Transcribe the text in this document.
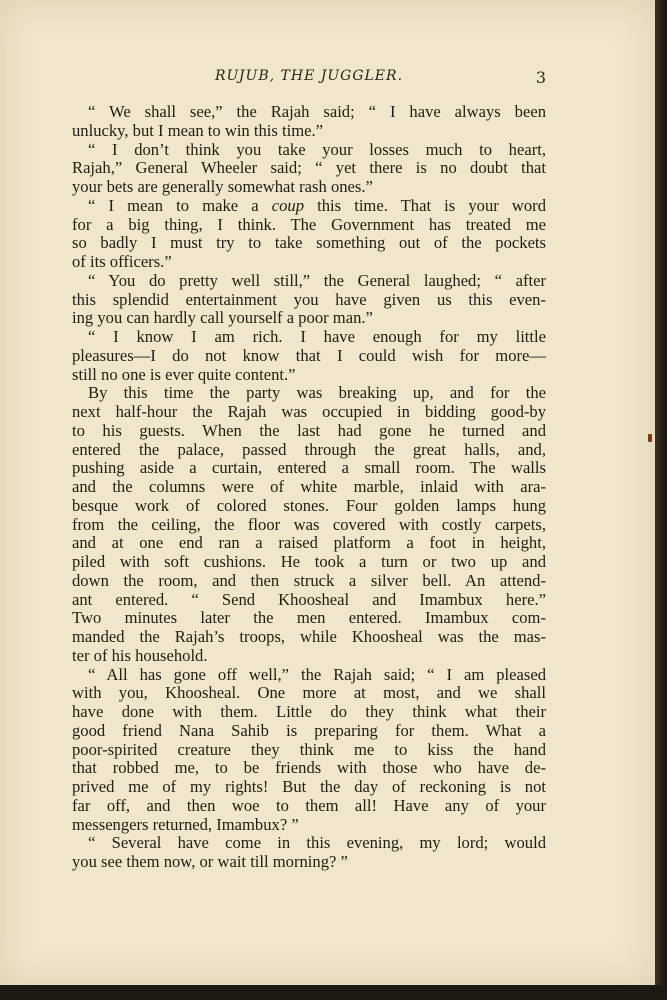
RUJUB, THE JUGGLER.	3
“ We shall see,” the Rajah said; “ I have always been
unlucky, but I mean to win this time.”
“ I don’t think you take your losses much to heart,
Rajah,” General Wheeler said; “ yet there is no doubt that
your bets are generally somewhat rash ones.”
“ I mean to make a coup this time. That is your word
for a big thing, I think. The Government has treated me
so badly I must try to take something out of the pockets
of its officers.”
“ You do pretty well still,” the General laughed; “ after
this splendid entertainment you have given us this even-
ing you can hardly call yourself a poor man.”
“ I know I am rich. I have enough for my little
pleasures—I do not know that I could wish for more—
still no one is ever quite content.”
By this time the party was breaking up, and for the
next half-hour the Rajah was occupied in bidding good-by
to his guests. When the last had gone he turned and
entered the palace, passed through the great halls, and,
pushing aside a curtain, entered a small room. The walls
and the columns were of white marble, inlaid with ara-
besque work of colored stones. Four golden lamps hung
from the ceiling, the floor was covered with costly carpets,
and at one end ran a raised platform a foot in height,
piled with soft cushions. He took a turn or two up and
down the room, and then struck a silver bell. An attend-
ant entered. “ Send Khoosheal and Imambux here.”
Two minutes later the men entered. Imambux com-
manded the Rajah’s troops, while Khoosheal was the mas-
ter of his household.
“ All has gone off well,” the Rajah said; “ I am pleased
with you, Khoosheal. One more at most, and we shall
have done with them. Little do they think what their
good friend Nana Sahib is preparing for them. What a
poor-spirited creature they think me to kiss the hand
that robbed me, to be friends with those who have de-
prived me of my rights! But the day of reckoning is not
far off, and then woe to them all! Have any of your
messengers returned, Imambux? ”
“ Several have come in this evening, my lord; would
you see them now, or wait till morning? ”
